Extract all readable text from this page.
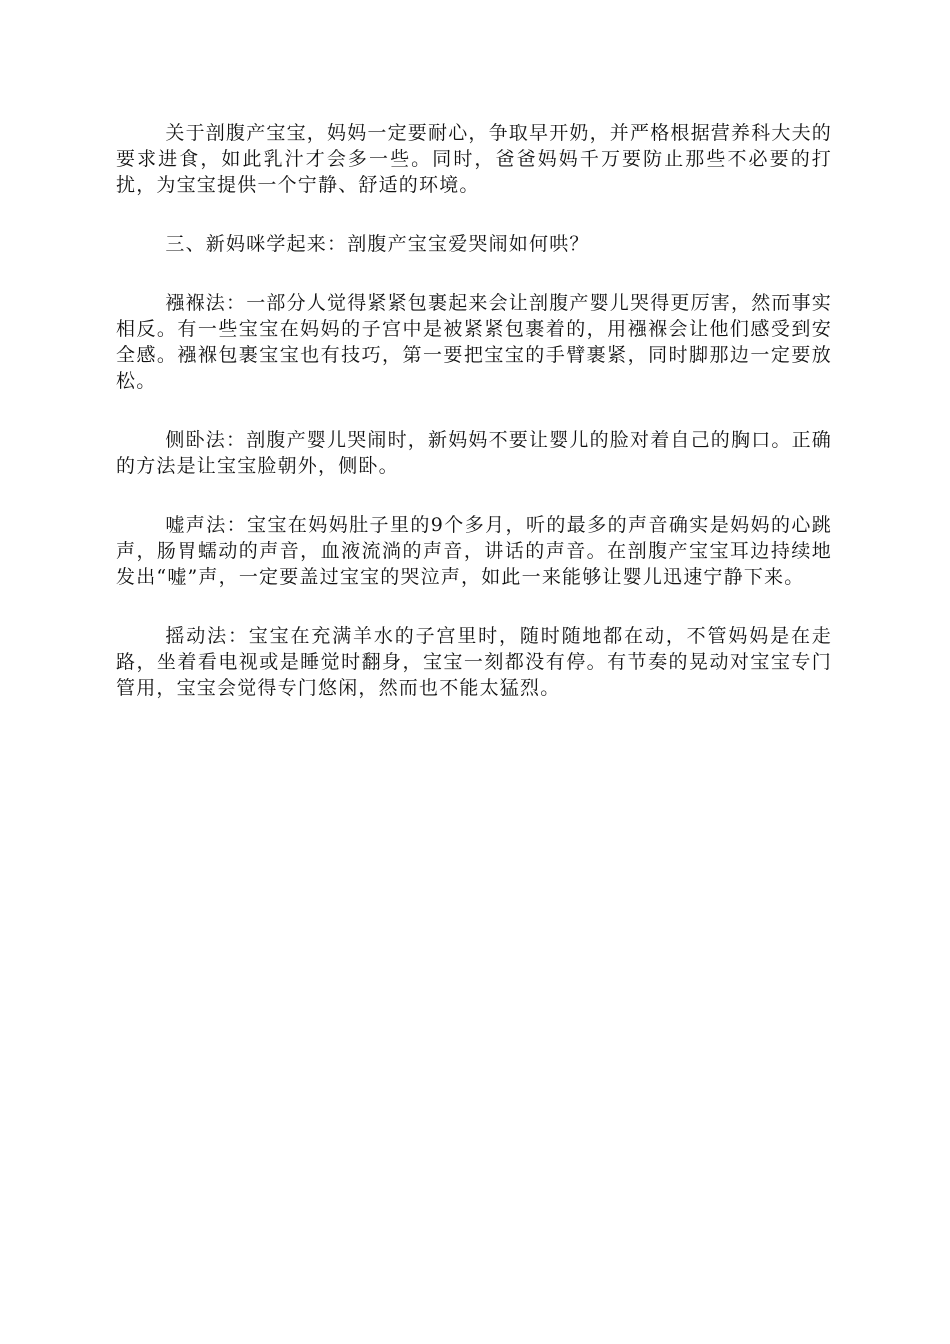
关于剖腹产宝宝，妈妈一定要耐心，争取早开奶，并严格根据营养科大夫的要求进食，如此乳汁才会多一些。同时，爸爸妈妈千万要防止那些不必要的打扰，为宝宝提供一个宁静、舒适的环境。

三、新妈咪学起来：剖腹产宝宝爱哭闹如何哄？

襁褓法：一部分人觉得紧紧包裹起来会让剖腹产婴儿哭得更厉害，然而事实相反。有一些宝宝在妈妈的子宫中是被紧紧包裹着的，用襁褓会让他们感受到安全感。襁褓包裹宝宝也有技巧，第一要把宝宝的手臂裹紧，同时脚那边一定要放松。

侧卧法：剖腹产婴儿哭闹时，新妈妈不要让婴儿的脸对着自己的胸口。正确的方法是让宝宝脸朝外，侧卧。

嘘声法：宝宝在妈妈肚子里的9个多月，听的最多的声音确实是妈妈的心跳声，肠胃蠕动的声音，血液流淌的声音，讲话的声音。在剖腹产宝宝耳边持续地发出“嘘”声，一定要盖过宝宝的哭泣声，如此一来能够让婴儿迅速宁静下来。

摇动法：宝宝在充满羊水的子宫里时，随时随地都在动，不管妈妈是在走路，坐着看电视或是睡觉时翻身，宝宝一刻都没有停。有节奏的晃动对宝宝专门管用，宝宝会觉得专门悠闲，然而也不能太猛烈。
